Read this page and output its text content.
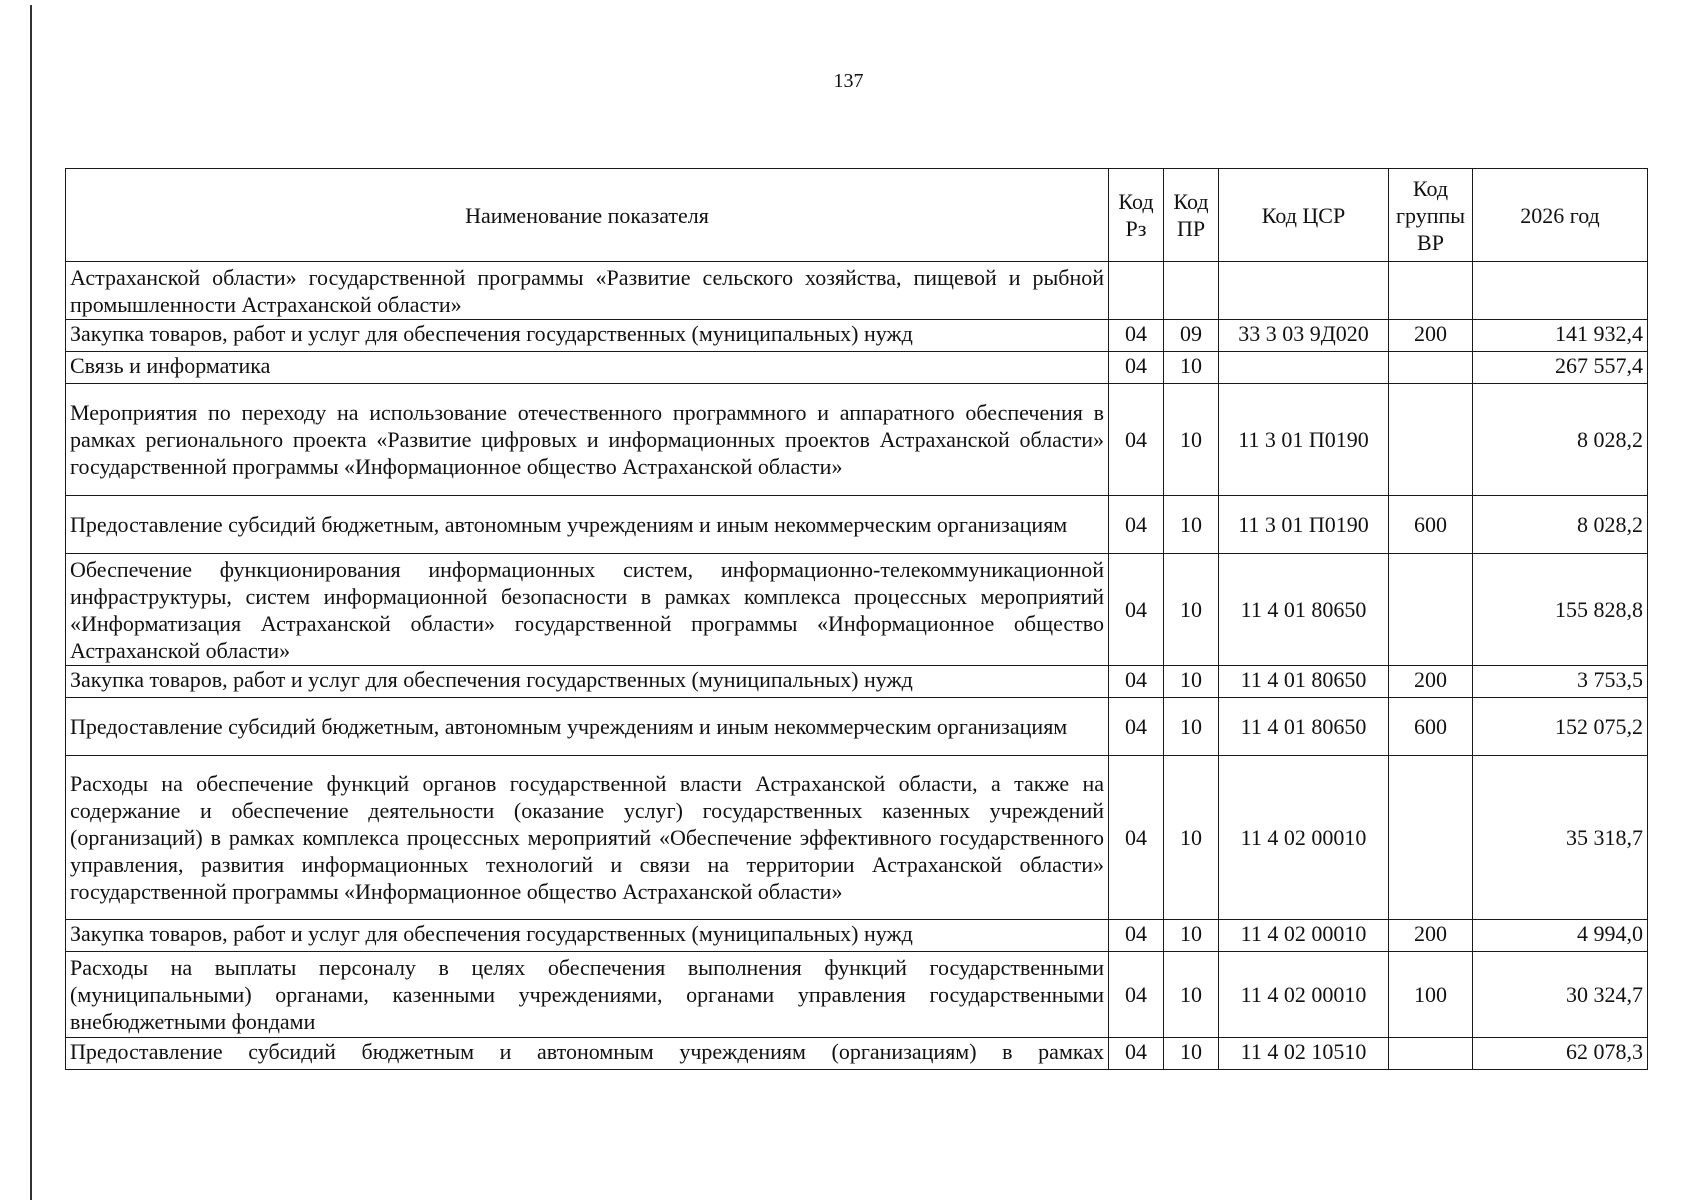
137
Наименование показателя	Код Рз	Код ПР	Код ЦСР	Код группы ВР	2026 год
Астраханской области» государственной программы «Развитие сельского хозяйства, пищевой и рыбной промышленности Астраханской области»					
Закупка товаров, работ и услуг для обеспечения государственных (муниципальных) нужд	04	09	33 3 03 9Д020	200	141 932,4
Связь и информатика	04	10			267 557,4
Мероприятия по переходу на использование отечественного программного и аппаратного обеспечения в рамках регионального проекта «Развитие цифровых и информационных проектов Астраханской области» государственной программы «Информационное общество Астраханской области»	04	10	11 3 01 П0190		8 028,2
Предоставление субсидий бюджетным, автономным учреждениям и иным некоммерческим организациям	04	10	11 3 01 П0190	600	8 028,2
Обеспечение функционирования информационных систем, информационно-телекоммуникационной инфраструктуры, систем информационной безопасности в рамках комплекса процессных мероприятий «Информатизация Астраханской области» государственной программы «Информационное общество Астраханской области»	04	10	11 4 01 80650		155 828,8
Закупка товаров, работ и услуг для обеспечения государственных (муниципальных) нужд	04	10	11 4 01 80650	200	3 753,5
Предоставление субсидий бюджетным, автономным учреждениям и иным некоммерческим организациям	04	10	11 4 01 80650	600	152 075,2
Расходы на обеспечение функций органов государственной власти Астраханской области, а также на содержание и обеспечение деятельности (оказание услуг) государственных казенных учреждений (организаций) в рамках комплекса процессных мероприятий «Обеспечение эффективного государственного управления, развития информационных технологий и связи на территории Астраханской области» государственной программы «Информационное общество Астраханской области»	04	10	11 4 02 00010		35 318,7
Закупка товаров, работ и услуг для обеспечения государственных (муниципальных) нужд	04	10	11 4 02 00010	200	4 994,0
Расходы на выплаты персоналу в целях обеспечения выполнения функций государственными (муниципальными) органами, казенными учреждениями, органами управления государственными внебюджетными фондами	04	10	11 4 02 00010	100	30 324,7
Предоставление субсидий бюджетным и автономным учреждениям (организациям) в рамках	04	10	11 4 02 10510		62 078,3
